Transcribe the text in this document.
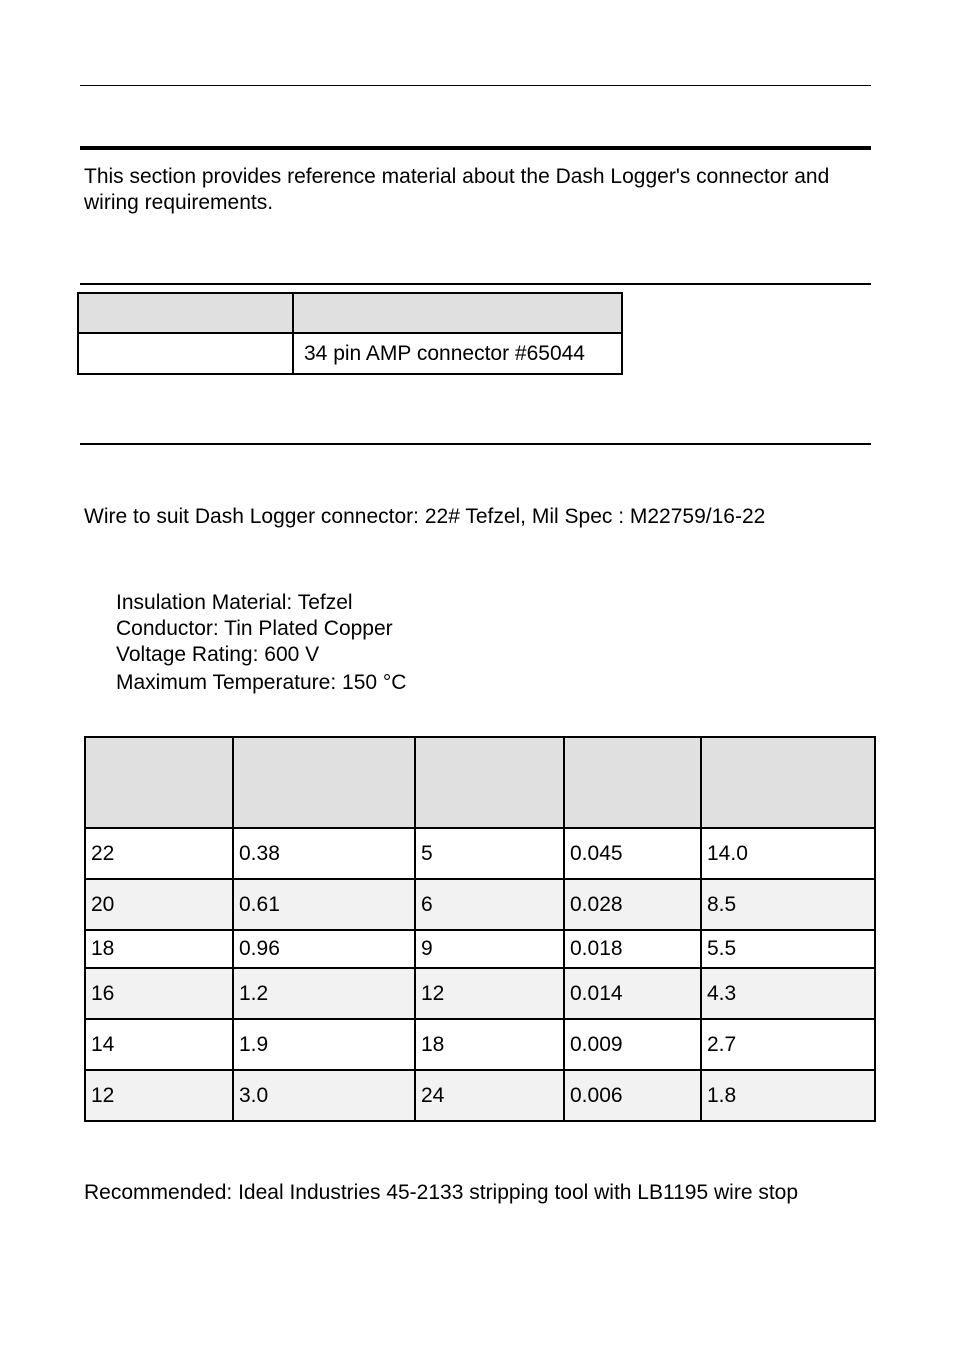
This section provides reference material about the Dash Logger's connector and wiring requirements.

	34 pin AMP connector #65044

Wire to suit Dash Logger connector: 22# Tefzel, Mil Spec : M22759/16-22

Insulation Material: Tefzel
Conductor: Tin Plated Copper
Voltage Rating: 600 V
Maximum Temperature: 150 °C

22	0.38	5	0.045	14.0
20	0.61	6	0.028	8.5
18	0.96	9	0.018	5.5
16	1.2	12	0.014	4.3
14	1.9	18	0.009	2.7
12	3.0	24	0.006	1.8

Recommended: Ideal Industries 45-2133 stripping tool with LB1195 wire stop
